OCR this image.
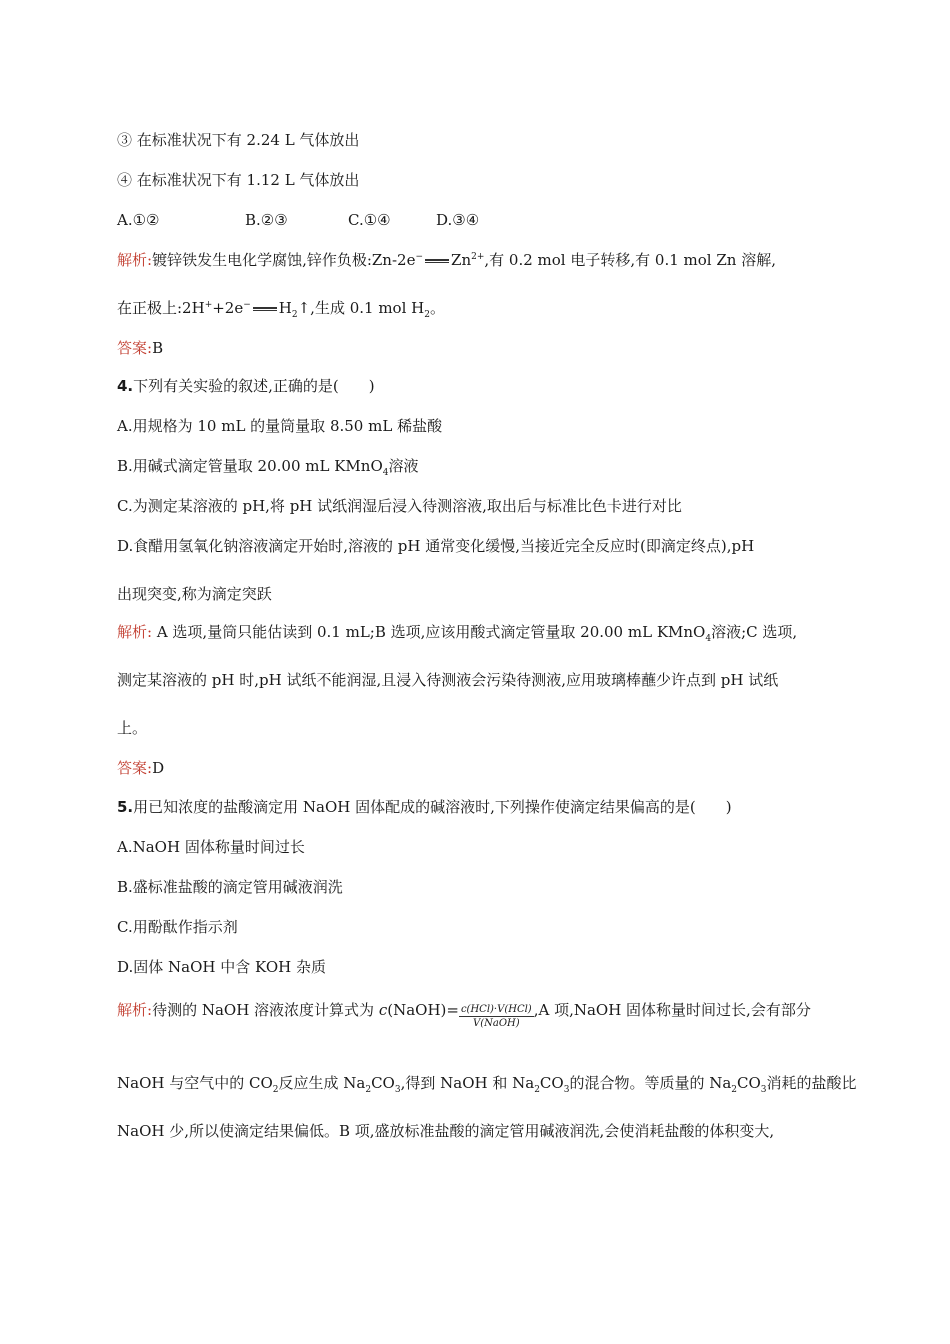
③ 在标准状况下有 2.24 L 气体放出
④ 在标准状况下有 1.12 L 气体放出
A.①②	B.②③	C.①④	D.③④
解析:镀锌铁发生电化学腐蚀,锌作负极:Zn-2e− $Zn^{2+}$,有 0.2 mol 电子转移,有 0.1 mol Zn 溶解,
在正极上:2H++2e− $H_2↑$,生成 0.1 mol $H_2$。
答案:B
4.下列有关实验的叙述,正确的是(　　)
A.用规格为 10 mL 的量筒量取 8.50 mL 稀盐酸
B.用碱式滴定管量取 20.00 mL KMnO$_4$溶液
C.为测定某溶液的 pH,将 pH 试纸润湿后浸入待测溶液,取出后与标准比色卡进行对比
D.食醋用氢氧化钠溶液滴定开始时,溶液的 pH 通常变化缓慢,当接近完全反应时(即滴定终点),pH
出现突变,称为滴定突跃
解析: A 选项,量筒只能估读到 0.1 mL;B 选项,应该用酸式滴定管量取 20.00 mL KMnO$_4$溶液;C 选项,
测定某溶液的 pH 时,pH 试纸不能润湿,且浸入待测液会污染待测液,应用玻璃棒蘸少许点到 pH 试纸
上。
答案:D
5.用已知浓度的盐酸滴定用 NaOH 固体配成的碱溶液时,下列操作使滴定结果偏高的是(　　)
A.NaOH 固体称量时间过长
B.盛标准盐酸的滴定管用碱液润洗
C.用酚酞作指示剂
D.固体 NaOH 中含 KOH 杂质
解析:待测的 NaOH 溶液浓度计算式为 c(NaOH)= $\frac{\text{c(HCl)·V(HCl)}}{\text{V(NaOH)}} ,A$ 项,NaOH 固体称量时间过长,会有部分
NaOH 与空气中的 $CO_2$反应生成 $Na_2CO_3$,得到 NaOH 和 $Na_2CO_3$的混合物。等质量的 $Na_2CO_3$消耗的盐酸比
NaOH 少,所以使滴定结果偏低。B 项,盛放标准盐酸的滴定管用碱液润洗,会使消耗盐酸的体积变大,
